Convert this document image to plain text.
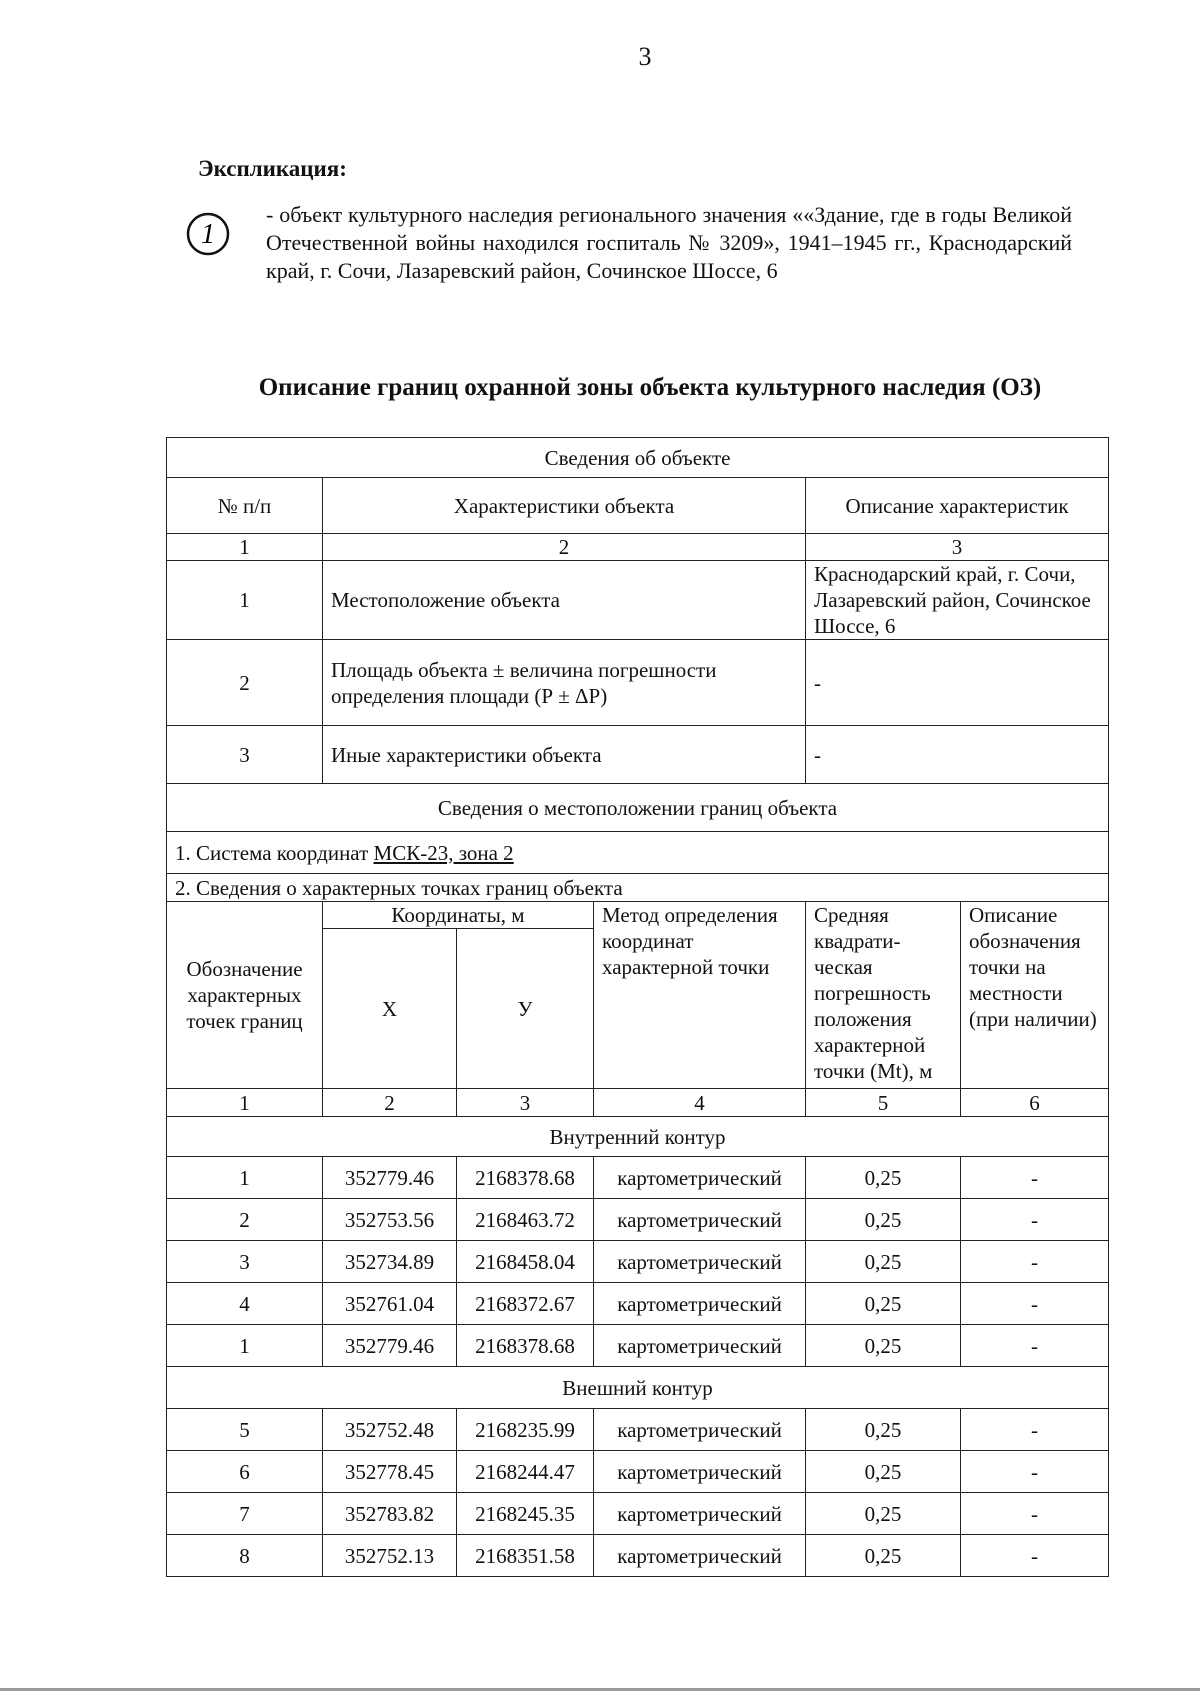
3
Экспликация:
1
- объект культурного наследия регионального значения ««Здание, где в годы Великой Отечественной войны находился госпиталь № 3209», 1941–1945 гг., Краснодарский край, г. Сочи, Лазаревский район, Сочинское Шоссе, 6
Описание границ охранной зоны объекта культурного наследия (ОЗ)
Сведения об объекте					
№ п/п	Характеристики объекта			Описание характеристик	
1	2			3	
1	Местоположение объекта			Краснодарский край, г. Сочи, Лазаревский район, Сочинское Шоссе, 6	
2	Площадь объекта ± величина погрешности определения площади (Р ± ΔР)			-	
3	Иные характеристики объекта			-	
Сведения о местоположении границ объекта					
1. Система координат МСК-23, зона 2					
2. Сведения о характерных точках границ объекта					
Обозначение характерных точек границ	Координаты, м		Метод определения координат характерной точки	Средняя квадрати-ческая погрешность положения характерной точки (Mt), м	Описание обозначения точки на местности (при наличии)
	Х	У			
1	2	3	4	5	6
Внутренний контур					
1	352779.46	2168378.68	картометрический	0,25	-
2	352753.56	2168463.72	картометрический	0,25	-
3	352734.89	2168458.04	картометрический	0,25	-
4	352761.04	2168372.67	картометрический	0,25	-
1	352779.46	2168378.68	картометрический	0,25	-
Внешний контур					
5	352752.48	2168235.99	картометрический	0,25	-
6	352778.45	2168244.47	картометрический	0,25	-
7	352783.82	2168245.35	картометрический	0,25	-
8	352752.13	2168351.58	картометрический	0,25	-
